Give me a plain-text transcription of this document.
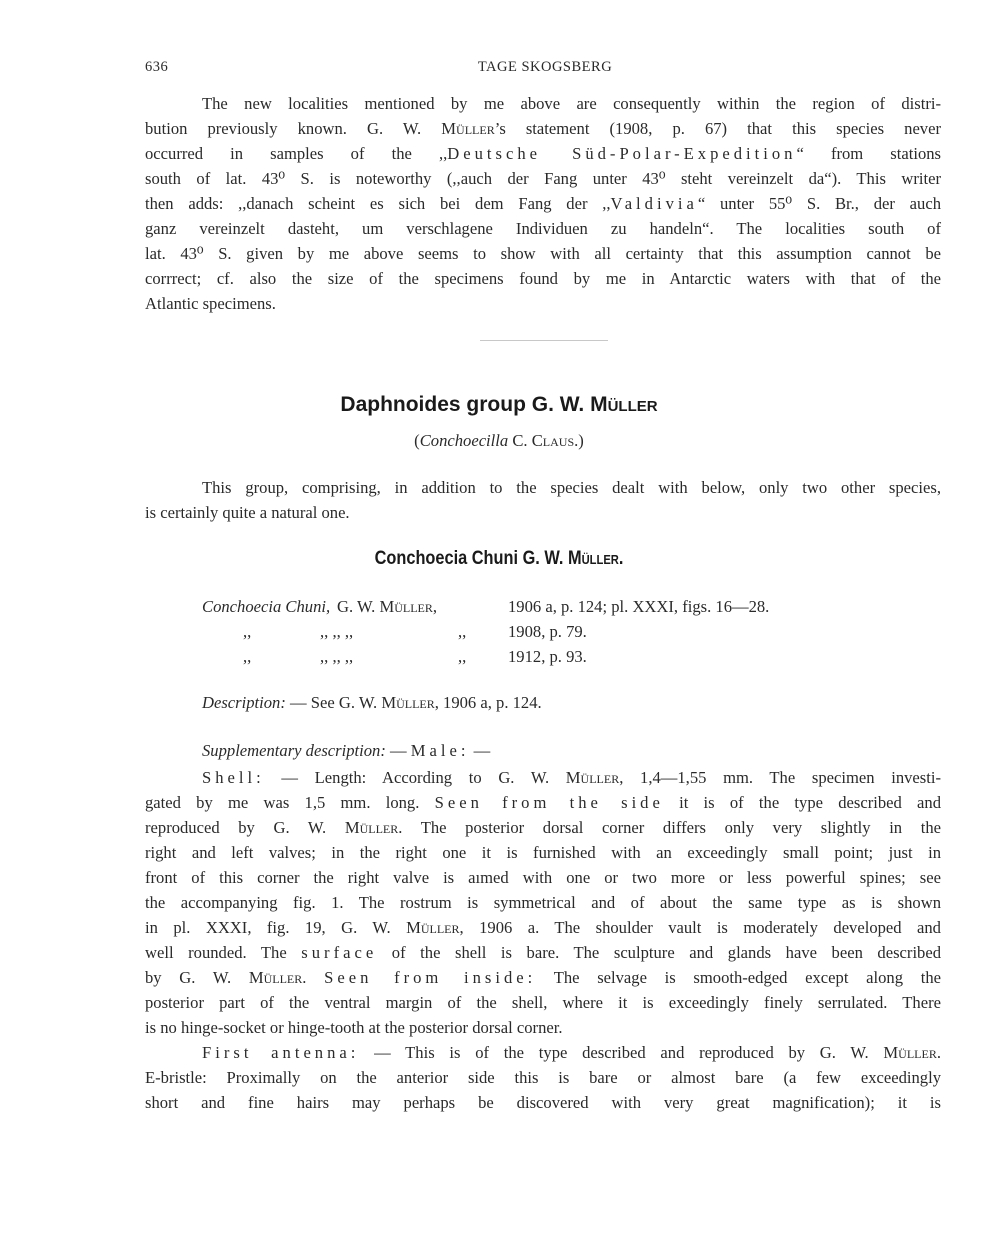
636	TAGE SKOGSBERG
The new localities mentioned by me above are consequently within the region of distri-
bution previously known. G. W. Müller’s statement (1908, p. 67) that this species never
occurred in samples of the ,,Deutsche Süd-Polar-Expedition“ from stations
south of lat. 43⁰ S. is noteworthy (,,auch der Fang unter 43⁰ steht vereinzelt da“). This writer
then adds: ,,danach scheint es sich bei dem Fang der ,,Valdivia“ unter 55⁰ S. Br., der auch
ganz vereinzelt dasteht, um verschlagene Individuen zu handeln“. The localities south of
lat. 43⁰ S. given by me above seems to show with all certainty that this assumption cannot be
corrrect; cf. also the size of the specimens found by me in Antarctic waters with that of the
Atlantic specimens.
Daphnoides group G. W. Müller
(Conchoecilla C. Claus.)
This group, comprising, in addition to the species dealt with below, only two other species,
is certainly quite a natural one.
Conchoecia Chuni G. W. Müller.
Conchoecia Chuni, G. W. Müller,	1906 a, p. 124; pl. XXXI, figs. 16—28.
,,	,, ,, ,,	,,	1908, p. 79.
,,	,, ,, ,,	,,	1912, p. 93.
Description: — See G. W. Müller, 1906 a, p. 124.
Supplementary description: — Male: —
Shell: — Length: According to G. W. Müller, 1,4—1,55 mm. The specimen investi-
gated by me was 1,5 mm. long. Seen from the side it is of the type described and
reproduced by G. W. Müller. The posterior dorsal corner differs only very slightly in the
right and left valves; in the right one it is furnished with an exceedingly small point; just in
front of this corner the right valve is aımed with one or two more or less powerful spines; see
the accompanying fig. 1. The rostrum is symmetrical and of about the same type as is shown
in pl. XXXI, fig. 19, G. W. Müller, 1906 a. The shoulder vault is moderately developed and
well rounded. The surface of the shell is bare. The sculpture and glands have been described
by G. W. Müller. Seen from inside: The selvage is smooth-edged except along the
posterior part of the ventral margin of the shell, where it is exceedingly finely serrulated. There
is no hinge-socket or hinge-tooth at the posterior dorsal corner.
First antenna: — This is of the type described and reproduced by G. W. Müller.
E-bristle: Proximally on the anterior side this is bare or almost bare (a few exceedingly
short and fine hairs may perhaps be discovered with very great magnification); it is
